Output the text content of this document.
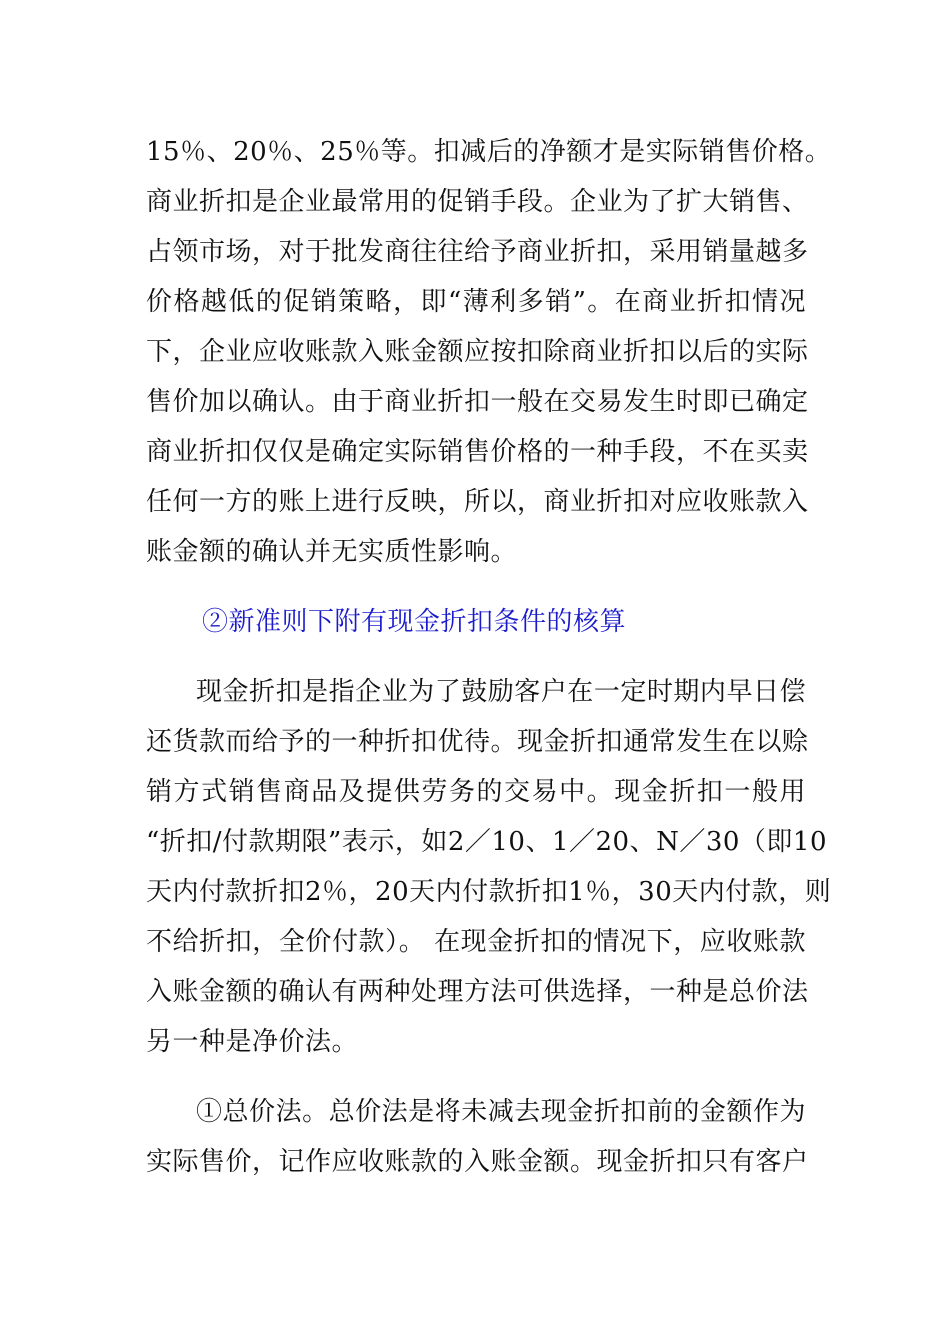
15％、20％、25％等。扣减后的净额才是实际销售价格。
商业折扣是企业最常用的促销手段。企业为了扩大销售、
占领市场，对于批发商往往给予商业折扣，采用销量越多
价格越低的促销策略，即“薄利多销”。在商业折扣情况
下，企业应收账款入账金额应按扣除商业折扣以后的实际
售价加以确认。由于商业折扣一般在交易发生时即已确定
商业折扣仅仅是确定实际销售价格的一种手段，不在买卖
任何一方的账上进行反映，所以，商业折扣对应收账款入
账金额的确认并无实质性影响。
②新准则下附有现金折扣条件的核算
现金折扣是指企业为了鼓励客户在一定时期内早日偿
还货款而给予的一种折扣优待。现金折扣通常发生在以赊
销方式销售商品及提供劳务的交易中。现金折扣一般用
“折扣/付款期限”表示，如2／10、1／20、N／30（即10
天内付款折扣2％，20天内付款折扣1％，30天内付款，则
不给折扣，全价付款）。 在现金折扣的情况下，应收账款
入账金额的确认有两种处理方法可供选择，一种是总价法
另一种是净价法。
①总价法。总价法是将未减去现金折扣前的金额作为
实际售价，记作应收账款的入账金额。现金折扣只有客户
